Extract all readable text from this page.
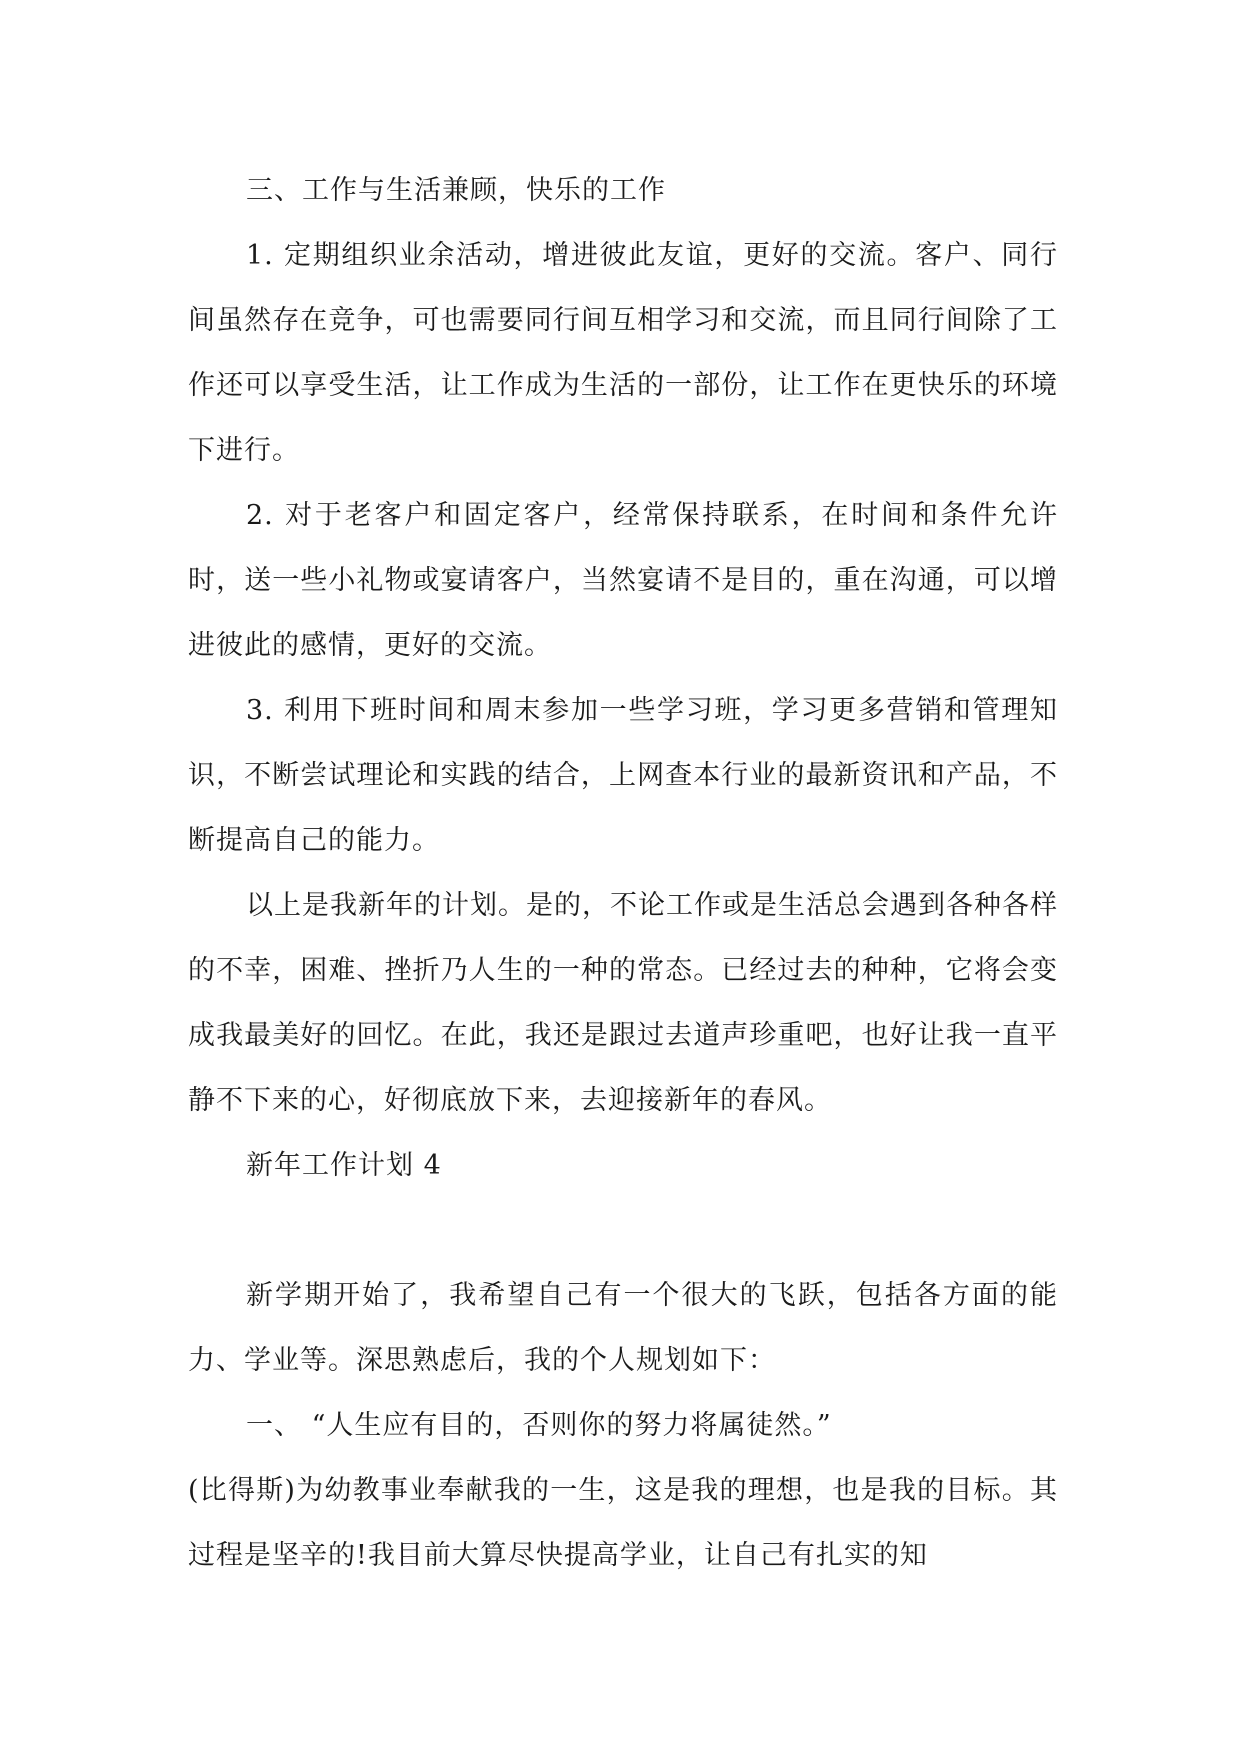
三、工作与生活兼顾，快乐的工作

1. 定期组织业余活动，增进彼此友谊，更好的交流。客户、同行间虽然存在竞争，可也需要同行间互相学习和交流，而且同行间除了工作还可以享受生活，让工作成为生活的一部份，让工作在更快乐的环境下进行。

2. 对于老客户和固定客户，经常保持联系，在时间和条件允许时，送一些小礼物或宴请客户，当然宴请不是目的，重在沟通，可以增进彼此的感情，更好的交流。

3. 利用下班时间和周末参加一些学习班，学习更多营销和管理知识，不断尝试理论和实践的结合，上网查本行业的最新资讯和产品，不断提高自己的能力。

以上是我新年的计划。是的，不论工作或是生活总会遇到各种各样的不幸，困难、挫折乃人生的一种的常态。已经过去的种种，它将会变成我最美好的回忆。在此，我还是跟过去道声珍重吧，也好让我一直平静不下来的心，好彻底放下来，去迎接新年的春风。

新年工作计划 4

新学期开始了，我希望自己有一个很大的飞跃，包括各方面的能力、学业等。深思熟虑后，我的个人规划如下：

一、 “人生应有目的，否则你的努力将属徒然。”

(比得斯)为幼教事业奉献我的一生，这是我的理想，也是我的目标。其过程是坚辛的!我目前大算尽快提高学业，让自己有扎实的知
